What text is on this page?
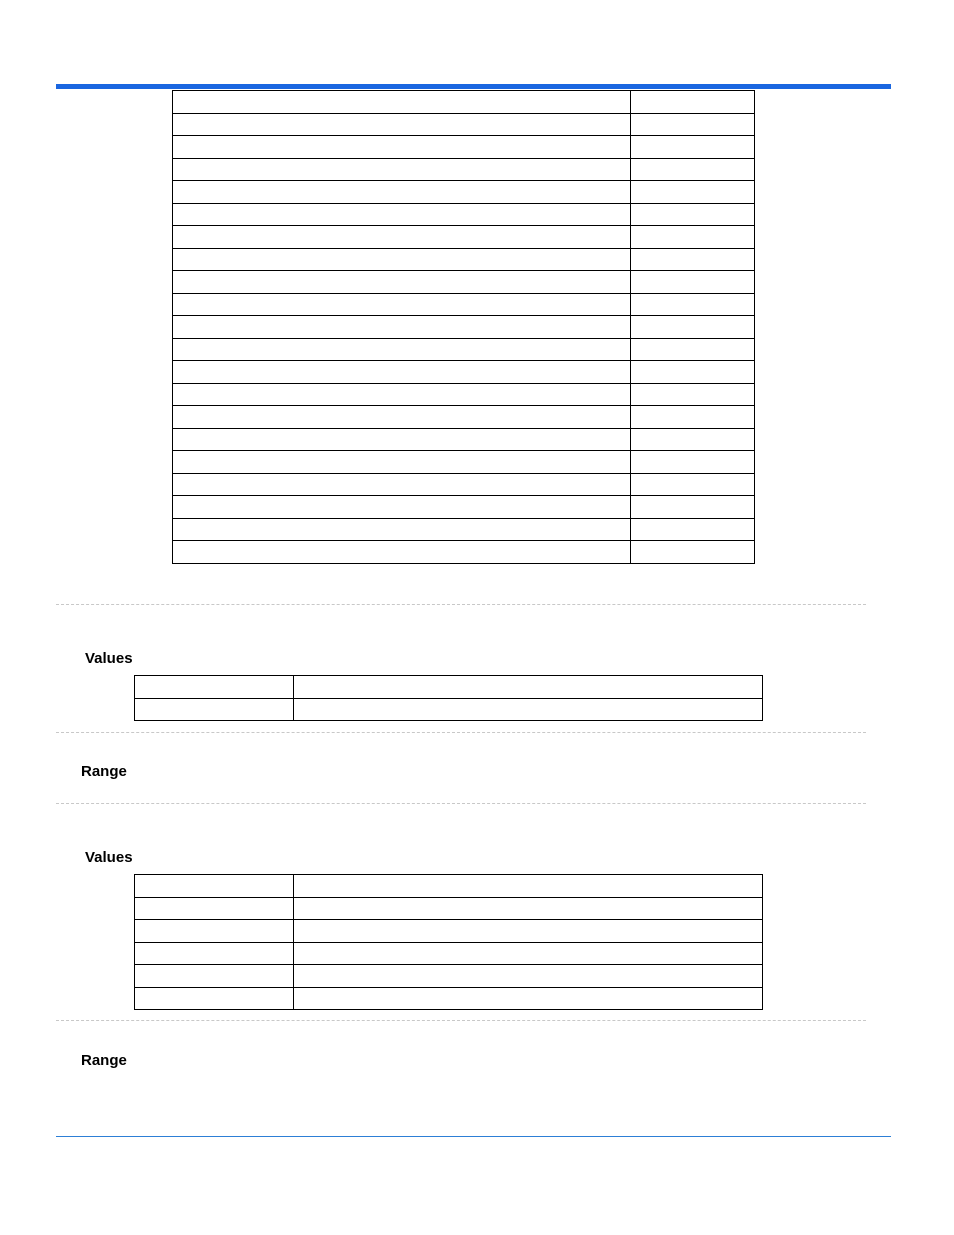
Values

Range
Values

Range
